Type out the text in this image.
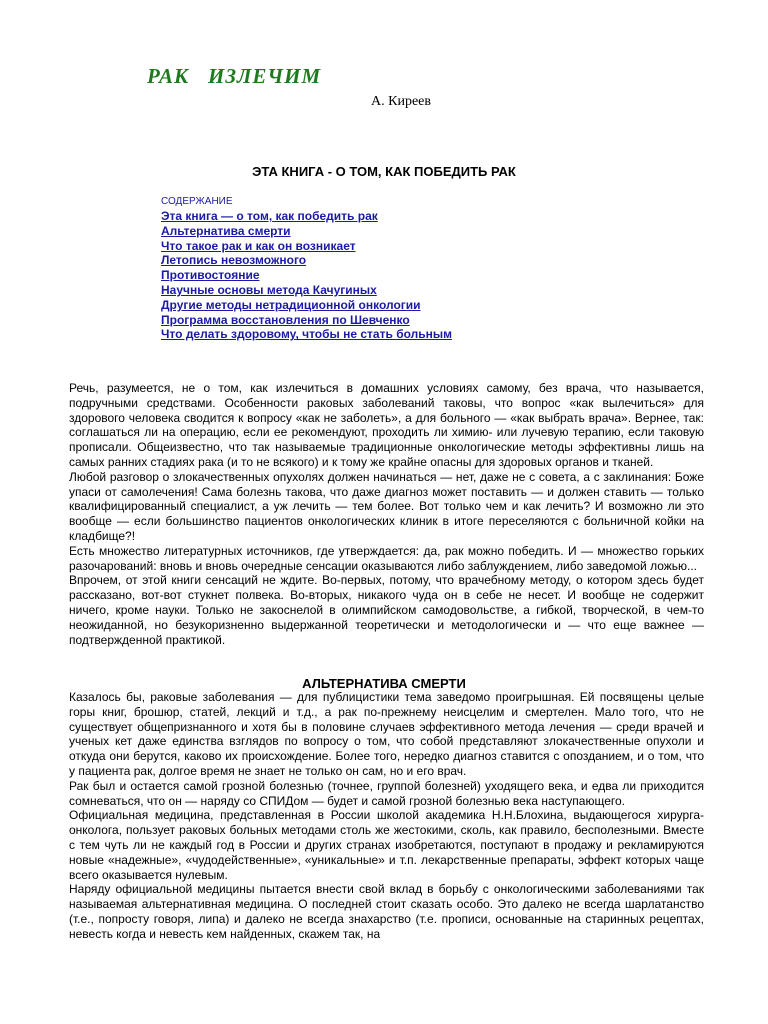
РАК   ИЗЛЕЧИМ
А. Киреев
ЭТА КНИГА - О ТОМ, КАК ПОБЕДИТЬ РАК
СОДЕРЖАНИЕ
Эта книга — о том, как победить рак
Альтернатива смерти
Что такое рак и как он возникает
Летопись невозможного
Противостояние
Научные основы метода Качугиных
Другие методы нетрадиционной онкологии
Программа восстановления по Шевченко
Что делать здоровому, чтобы не стать больным

Речь, разумеется, не о том, как излечиться в домашних условиях самому, без врача, что называется, подручными средствами. Особенности раковых заболеваний таковы, что вопрос «как вылечиться» для здорового человека сводится к вопросу «как не заболеть», а для больного — «как выбрать врача». Вернее, так: соглашаться ли на операцию, если ее рекомендуют, проходить ли химию- или лучевую терапию, если таковую прописали. Общеизвестно, что так называемые традиционные онкологические методы эффективны лишь на самых ранних стадиях рака (и то не всякого) и к тому же крайне опасны для здоровых органов и тканей.

Любой разговор о злокачественных опухолях должен начинаться — нет, даже не с совета, а с заклинания: Боже упаси от самолечения! Сама болезнь такова, что даже диагноз может поставить — и должен ставить — только квалифицированный специалист, а уж лечить — тем более. Вот только чем и как лечить? И возможно ли это вообще — если большинство пациентов онкологических клиник в итоге переселяются с больничной койки на кладбище?!

Есть множество литературных источников, где утверждается: да, рак можно победить. И — множество горьких разочарований: вновь и вновь очередные сенсации оказываются либо заблуждением, либо заведомой ложью...

Впрочем, от этой книги сенсаций не ждите. Во-первых, потому, что врачебному методу, о котором здесь будет рассказано, вот-вот стукнет полвека. Во-вторых, никакого чуда он в себе не несет. И вообще не содержит ничего, кроме науки. Только не закоснелой в олимпийском самодовольстве, а гибкой, творческой, в чем-то неожиданной, но безукоризненно выдержанной теоретически и методологически и — что еще важнее — подтвержденной практикой.

АЛЬТЕРНАТИВА СМЕРТИ

Казалось бы, раковые заболевания — для публицистики тема заведомо проигрышная. Ей посвящены целые горы книг, брошюр, статей, лекций и т.д., а рак по-прежнему неисцелим и смертелен. Мало того, что не существует общепризнанного и хотя бы в половине случаев эффективного метода лечения — среди врачей и ученых кет даже единства взглядов по вопросу о том, что собой представляют злокачественные опухоли и откуда они берутся, каково их происхождение. Более того, нередко диагноз ставится с опозданием, и о том, что у пациента рак, долгое время не знает не только он сам, но и его врач.

Рак был и остается самой грозной болезнью (точнее, группой болезней) уходящего века, и едва ли приходится сомневаться, что он — наряду со СПИДом — будет и самой грозной болезнью века наступающего.

Официальная медицина, представленная в России школой академика Н.Н.Блохина, выдающегося хирурга-онколога, пользует раковых больных методами столь же жестокими, сколь, как правило, бесполезными. Вместе с тем чуть ли не каждый год в России и других странах изобретаются, поступают в продажу и рекламируются новые «надежные», «чудодейственные», «уникальные» и т.п. лекарственные препараты, эффект которых чаще всего оказывается нулевым.

Наряду официальной медицины пытается внести свой вклад в борьбу с онкологическими заболеваниями так называемая альтернативная медицина. О последней стоит сказать особо. Это далеко не всегда шарлатанство (т.е., попросту говоря, липа) и далеко не всегда знахарство (т.е. прописи, основанные на старинных рецептах, невесть когда и невесть кем найденных, скажем так, на
